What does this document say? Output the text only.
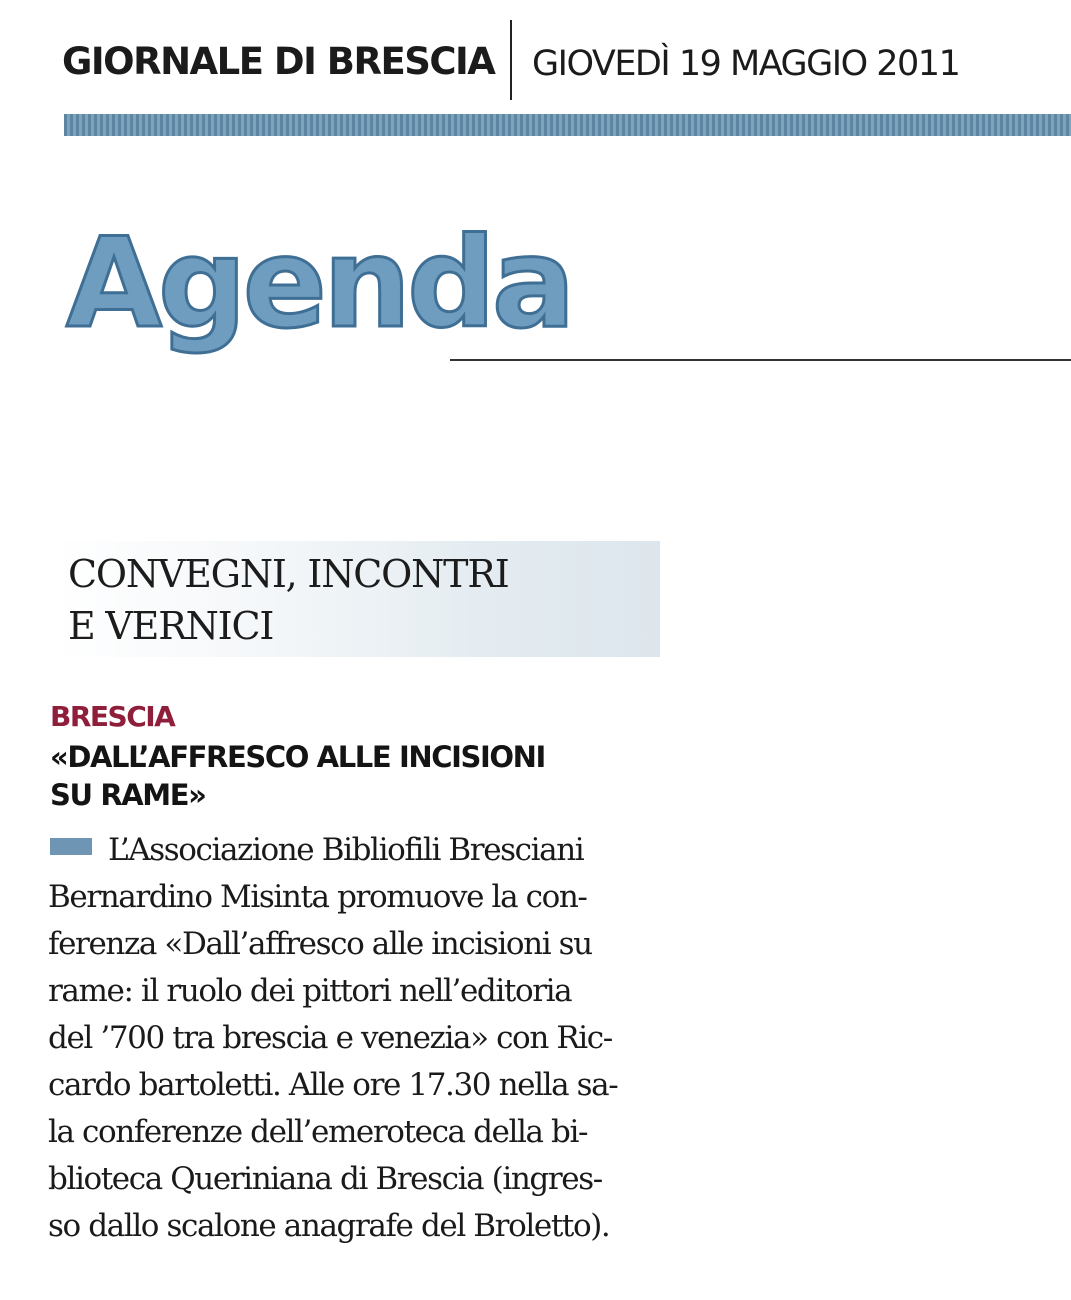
GIORNALE DI BRESCIA GIOVEDÌ 19 MAGGIO 2011
Agenda
CONVEGNI, INCONTRI
E VERNICI
BRESCIA
«DALL’AFFRESCO ALLE INCISIONI
SU RAME»
L’Associazione Bibliofili Bresciani
Bernardino Misinta promuove la con-
ferenza «Dall’affresco alle incisioni su
rame: il ruolo dei pittori nell’editoria
del ’700 tra brescia e venezia» con Ric-
cardo bartoletti. Alle ore 17.30 nella sa-
la conferenze dell’emeroteca della bi-
blioteca Queriniana di Brescia (ingres-
so dallo scalone anagrafe del Broletto).
